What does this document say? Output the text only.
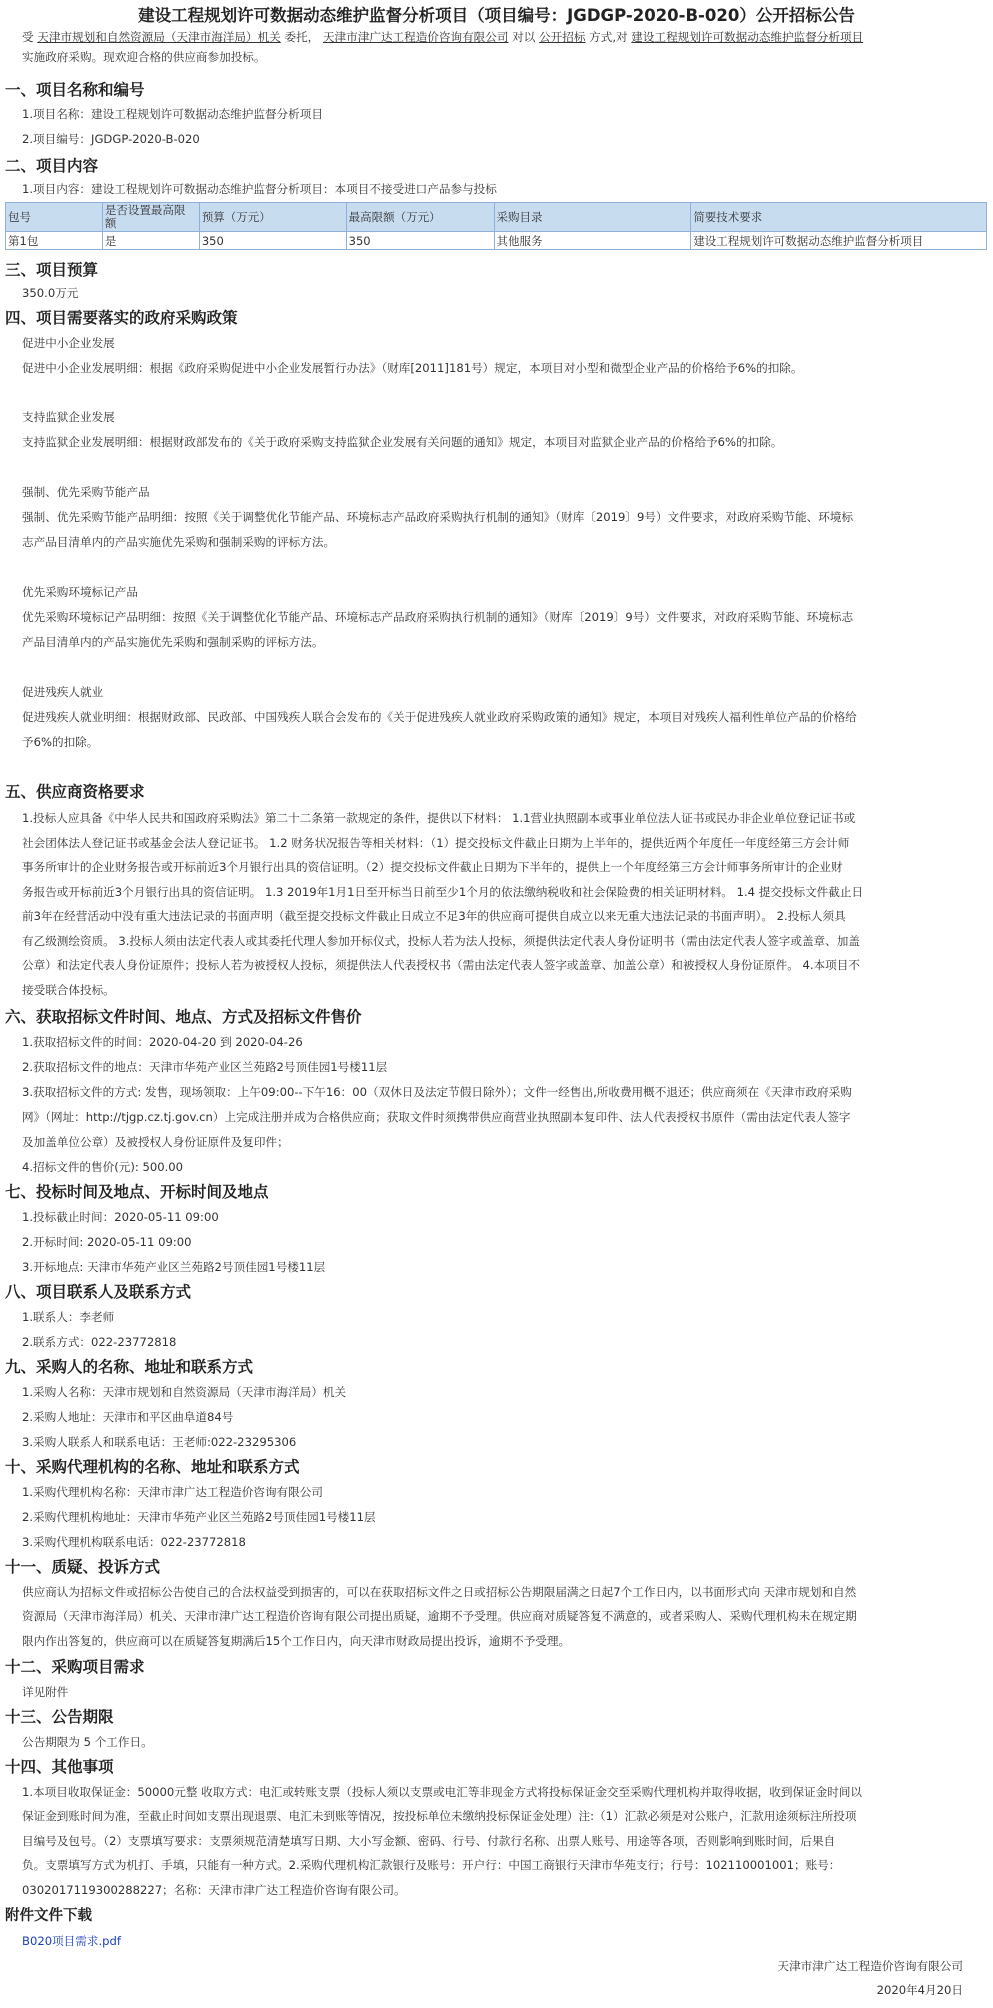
建设工程规划许可数据动态维护监督分析项目（项目编号：JGDGP-2020-B-020）公开招标公告
受 天津市规划和自然资源局（天津市海洋局）机关 委托， 天津市津广达工程造价咨询有限公司 对以 公开招标 方式,对 建设工程规划许可数据动态维护监督分析项目
实施政府采购。现欢迎合格的供应商参加投标。
一、项目名称和编号
1.项目名称：建设工程规划许可数据动态维护监督分析项目
2.项目编号：JGDGP-2020-B-020
二、项目内容
1.项目内容：建设工程规划许可数据动态维护监督分析项目：本项目不接受进口产品参与投标
包号	是否设置最高限额	预算（万元）	最高限额（万元）	采购目录	简要技术要求
第1包	是	350	350	其他服务	建设工程规划许可数据动态维护监督分析项目
三、项目预算
350.0万元
四、项目需要落实的政府采购政策
促进中小企业发展
促进中小企业发展明细：根据《政府采购促进中小企业发展暂行办法》（财库[2011]181号）规定，本项目对小型和微型企业产品的价格给予6%的扣除。
支持监狱企业发展
支持监狱企业发展明细：根据财政部发布的《关于政府采购支持监狱企业发展有关问题的通知》规定，本项目对监狱企业产品的价格给予6%的扣除。
强制、优先采购节能产品
强制、优先采购节能产品明细：按照《关于调整优化节能产品、环境标志产品政府采购执行机制的通知》（财库〔2019〕9号）文件要求，对政府采购节能、环境标
志产品目清单内的产品实施优先采购和强制采购的评标方法。
优先采购环境标记产品
优先采购环境标记产品明细：按照《关于调整优化节能产品、环境标志产品政府采购执行机制的通知》（财库〔2019〕9号）文件要求，对政府采购节能、环境标志
产品目清单内的产品实施优先采购和强制采购的评标方法。
促进残疾人就业
促进残疾人就业明细：根据财政部、民政部、中国残疾人联合会发布的《关于促进残疾人就业政府采购政策的通知》规定，本项目对残疾人福利性单位产品的价格给
予6%的扣除。
五、供应商资格要求
1.投标人应具备《中华人民共和国政府采购法》第二十二条第一款规定的条件，提供以下材料： 1.1营业执照副本或事业单位法人证书或民办非企业单位登记证书或
社会团体法人登记证书或基金会法人登记证书。 1.2 财务状况报告等相关材料：（1）提交投标文件截止日期为上半年的，提供近两个年度任一年度经第三方会计师
事务所审计的企业财务报告或开标前近3个月银行出具的资信证明。（2）提交投标文件截止日期为下半年的，提供上一个年度经第三方会计师事务所审计的企业财
务报告或开标前近3个月银行出具的资信证明。 1.3 2019年1月1日至开标当日前至少1个月的依法缴纳税收和社会保险费的相关证明材料。 1.4 提交投标文件截止日
前3年在经营活动中没有重大违法记录的书面声明（截至提交投标文件截止日成立不足3年的供应商可提供自成立以来无重大违法记录的书面声明）。 2.投标人须具
有乙级测绘资质。 3.投标人须由法定代表人或其委托代理人参加开标仪式，投标人若为法人投标，须提供法定代表人身份证明书（需由法定代表人签字或盖章、加盖
公章）和法定代表人身份证原件；投标人若为被授权人投标，须提供法人代表授权书（需由法定代表人签字或盖章、加盖公章）和被授权人身份证原件。 4.本项目不
接受联合体投标。
六、获取招标文件时间、地点、方式及招标文件售价
1.获取招标文件的时间：2020-04-20 到 2020-04-26
2.获取招标文件的地点：天津市华苑产业区兰苑路2号顶佳园1号楼11层
3.获取招标文件的方式: 发售，现场领取：上午09:00--下午16：00（双休日及法定节假日除外）；文件一经售出,所收费用概不退还；供应商须在《天津市政府采购
网》（网址：http://tjgp.cz.tj.gov.cn）上完成注册并成为合格供应商；获取文件时须携带供应商营业执照副本复印件、法人代表授权书原件（需由法定代表人签字
及加盖单位公章）及被授权人身份证原件及复印件；
4.招标文件的售价(元): 500.00
七、投标时间及地点、开标时间及地点
1.投标截止时间：2020-05-11 09:00
2.开标时间: 2020-05-11 09:00
3.开标地点: 天津市华苑产业区兰苑路2号顶佳园1号楼11层
八、项目联系人及联系方式
1.联系人：李老师
2.联系方式：022-23772818
九、采购人的名称、地址和联系方式
1.采购人名称：天津市规划和自然资源局（天津市海洋局）机关
2.采购人地址：天津市和平区曲阜道84号
3.采购人联系人和联系电话：王老师:022-23295306
十、采购代理机构的名称、地址和联系方式
1.采购代理机构名称：天津市津广达工程造价咨询有限公司
2.采购代理机构地址：天津市华苑产业区兰苑路2号顶佳园1号楼11层
3.采购代理机构联系电话：022-23772818
十一、质疑、投诉方式
供应商认为招标文件或招标公告使自己的合法权益受到损害的，可以在获取招标文件之日或招标公告期限届满之日起7个工作日内，以书面形式向 天津市规划和自然
资源局（天津市海洋局）机关、天津市津广达工程造价咨询有限公司提出质疑，逾期不予受理。供应商对质疑答复不满意的，或者采购人、采购代理机构未在规定期
限内作出答复的，供应商可以在质疑答复期满后15个工作日内，向天津市财政局提出投诉，逾期不予受理。
十二、采购项目需求
详见附件
十三、公告期限
公告期限为 5 个工作日。
十四、其他事项
1.本项目收取保证金：50000元整 收取方式：电汇或转账支票（投标人须以支票或电汇等非现金方式将投标保证金交至采购代理机构并取得收据，收到保证金时间以
保证金到账时间为准，至截止时间如支票出现退票、电汇未到账等情况，按投标单位未缴纳投标保证金处理）注:（1）汇款必须是对公账户，汇款用途须标注所投项
目编号及包号。（2）支票填写要求：支票须规范清楚填写日期、大小写金额、密码、行号、付款行名称、出票人账号、用途等各项，否则影响到账时间，后果自
负。支票填写方式为机打、手填，只能有一种方式。2.采购代理机构汇款银行及账号：开户行：中国工商银行天津市华苑支行；行号：102110001001；账号：
0302017119300288227；名称：天津市津广达工程造价咨询有限公司。
附件文件下载
B020项目需求.pdf
天津市津广达工程造价咨询有限公司
2020年4月20日
